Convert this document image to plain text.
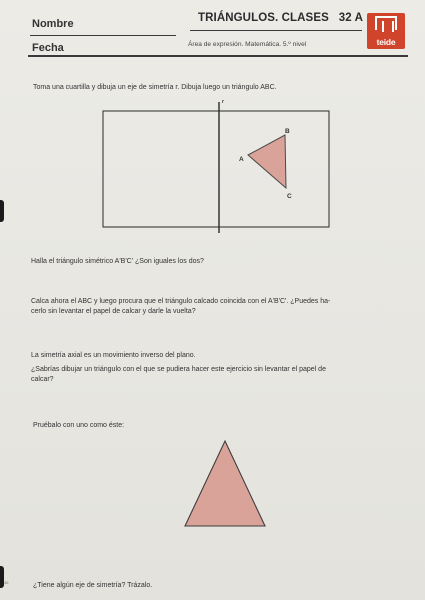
Nombre
Fecha
TRIÁNGULOS. CLASES 32 A
Área de expresión. Matemática. 5.º nivel	teide
Toma una cuartilla y dibuja un eje de simetría r. Dibuja luego un triángulo ABC.
r
A
B
C
Halla el triángulo simétrico A'B'C' ¿Son iguales los dos?
Calca ahora el ABC y luego procura que el triángulo calcado coincida con el A'B'C'. ¿Puedes ha-
cerlo sin levantar el papel de calcar y darle la vuelta?
La simetría axial es un movimiento inverso del plano.
¿Sabrías dibujar un triángulo con el que se pudiera hacer este ejercicio sin levantar el papel de
calcar?
Pruébalo con uno como éste:
¿Tiene algún eje de simetría? Trázalo.
36
